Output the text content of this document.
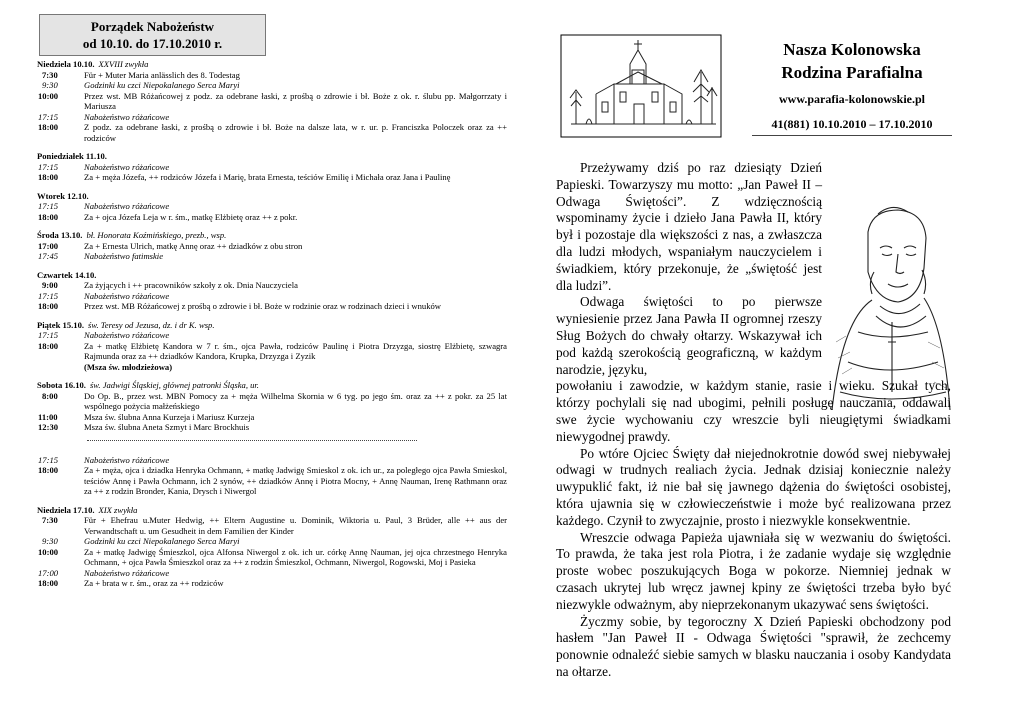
Porządek Nabożeństw
od 10.10. do 17.10.2010 r.
Niedziela 10.10. XXVIII zwykła
7:30	Für + Muter Maria anlässlich des 8. Todestag
9:30	Godzinki ku czci Niepokalanego Serca Maryi
10:00	Przez wst. MB Różańcowej z podz. za odebrane łaski, z prośbą o zdrowie i bł. Boże z ok. r. ślubu pp. Małgorrzaty i Mariusza
17:15	Nabożeństwo różańcowe
18:00	Z podz. za odebrane łaski, z prośbą o zdrowie i bł. Boże na dalsze lata, w r. ur. p. Franciszka Poloczek oraz za ++ rodziców
Poniedziałek 11.10.
17:15	Nabożeństwo różańcowe
18:00	Za + męża Józefa, ++ rodziców Józefa i Marię, brata Ernesta, teściów Emilię i Michała oraz Jana i Paulinę
Wtorek 12.10.
17:15	Nabożeństwo różańcowe
18:00	Za + ojca Józefa Leja w r. śm., matkę Elżbietę oraz ++ z pokr.
Środa 13.10. bł. Honorata Koźmińskiego, prezb., wsp.
17:00	Za + Ernesta Ulrich, matkę Annę oraz ++ dziadków z obu stron
17:45	Nabożeństwo fatimskie
Czwartek 14.10.
9:00	Za żyjących i ++ pracowników szkoły z ok. Dnia Nauczyciela
17:15	Nabożeństwo różańcowe
18:00	Przez wst. MB Różańcowej z prośbą o zdrowie i bł. Boże w rodzinie oraz w rodzinach dzieci i wnuków
Piątek 15.10. św. Teresy od Jezusa, dz. i dr K. wsp.
17:15	Nabożeństwo różańcowe
18:00	Za + matkę Elżbietę Kandora w 7 r. śm., ojca Pawła, rodziców Paulinę i Piotra Drzyzga, siostrę Elżbietę, szwagra Rajmunda oraz za ++ dziadków Kandora, Krupka, Drzyzga i Zyzik
(Msza św. młodzieżowa)
Sobota 16.10. św. Jadwigi Śląskiej, głównej patronki Śląska, ur.
8:00	Do Op. B., przez wst. MBN Pomocy za + męża Wilhelma Skornia w 6 tyg. po jego śm. oraz za ++ z pokr. za 25 lat wspólnego pożycia małżeńskiego
11:00	Msza św. ślubna Anna Kurzeja i Mariusz Kurzeja
12:30	Msza św. ślubna Aneta Szmyt i Marc Brockhuis
17:15	Nabożeństwo różańcowe
18:00	Za + męża, ojca i dziadka Henryka Ochmann, + matkę Jadwigę Smieskol z ok. ich ur., za poległego ojca Pawła Smieskol, teściów Annę i Pawła Ochmann, ich 2 synów, ++ dziadków Annę i Piotra Mocny, + Annę Nauman, Irenę Rathmann oraz za ++ z rodzin Bronder, Kania, Drysch i Niwergol
Niedziela 17.10. XIX zwykła
7:30	Für + Ehefrau u.Muter Hedwig, ++ Eltern Augustine u. Dominik, Wiktoria u. Paul, 3 Brüder, alle ++ aus der Verwandtschaft u. um Gesudheit in dem Familien der Kinder
9:30	Godzinki ku czci Niepokalanego Serca Maryi
10:00	Za + matkę Jadwigę Śmieszkol, ojca Alfonsa Niwergol z ok. ich ur. córkę Annę Nauman, jej ojca chrzestnego Henryka Ochmann, + ojca Pawła Śmieszkol oraz za ++ z rodzin Śmieszkol, Ochmann, Niwergol, Rogowski, Moj i Pasieka
17:00	Nabożeństwo różańcowe
18:00	Za + brata w r. śm., oraz za ++ rodziców
Nasza Kolonowska
Rodzina Parafialna
www.parafia-kolonowskie.pl
41(881) 10.10.2010 – 17.10.2010

Przeżywamy dziś po raz dziesiąty Dzień Papieski. Towarzyszy mu motto: „Jan Paweł II – Odwaga Świętości”. Z wdzięcznością wspominamy życie i dzieło Jana Pawła II, który był i pozostaje dla większości z nas, a zwłaszcza dla ludzi młodych, wspaniałym nauczycielem i świadkiem, który przekonuje, że „świętość jest dla ludzi”.

Odwaga świętości to po pierwsze wyniesienie przez Jana Pawła II ogromnej rzeszy Sług Bożych do chwały ołtarzy. Wskazywał ich pod każdą szerokością geograficzną, w każdym narodzie, języku,

powołaniu i zawodzie, w każdym stanie, rasie i wieku. Szukał tych, którzy pochylali się nad ubogimi, pełnili posługę nauczania, oddawali swe życie wychowaniu czy wreszcie byli nieugiętymi świadkami niewygodnej prawdy.

Po wtóre Ojciec Święty dał niejednokrotnie dowód swej niebywałej odwagi w trudnych realiach życia. Jednak dzisiaj koniecznie należy uwypuklić fakt, iż nie bał się jawnego dążenia do świętości osobistej, która ujawnia się w człowieczeństwie i może być realizowana przez każdego. Czynił to zwyczajnie, prosto i niezwykle konsekwentnie.

Wreszcie odwaga Papieża ujawniała się w wezwaniu do świętości. To prawda, że taka jest rola Piotra, i że zadanie wydaje się względnie proste wobec poszukujących Boga w pokorze. Niemniej jednak w czasach ukrytej lub wręcz jawnej kpiny ze świętości trzeba było być niezwykle odważnym, aby nieprzekonanym ukazywać sens świętości.

Życzmy sobie, by tegoroczny X Dzień Papieski obchodzony pod hasłem "Jan Paweł II - Odwaga Świętości "sprawił, że zechcemy ponownie odnaleźć siebie samych w blasku nauczania i osoby Kandydata na ołtarze.
